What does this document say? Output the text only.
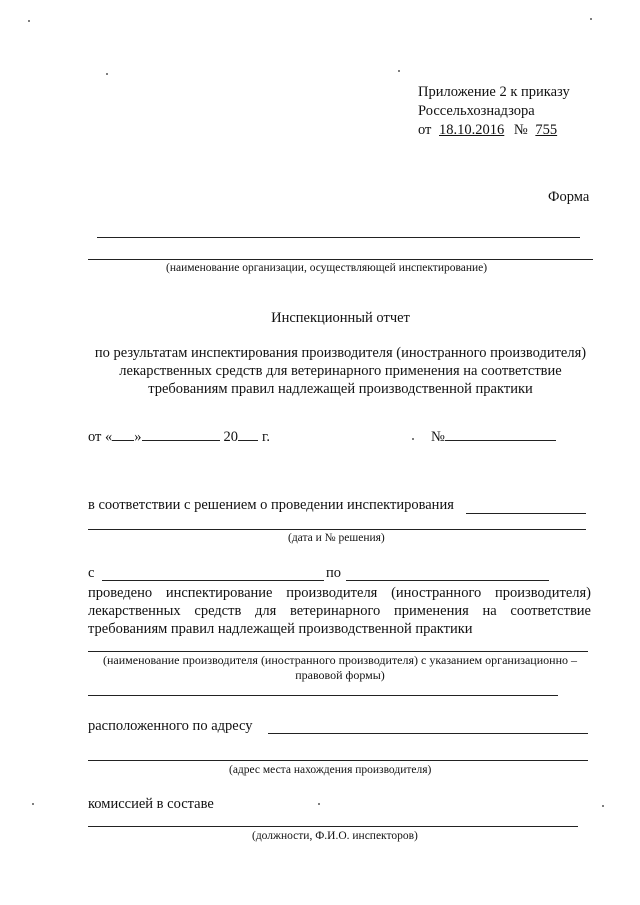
Приложение 2 к приказу
Россельхознадзора
от 18.10.2016 № 755
Форма
(наименование организации, осуществляющей инспектирование)
Инспекционный отчет
по результатам инспектирования производителя (иностранного производителя) лекарственных средств для ветеринарного применения на соответствие требованиям правил надлежащей производственной практики
от « »	20 г.	№
в соответствии с решением о проведении инспектирования
(дата и № решения)
с	по
проведено инспектирование производителя (иностранного производителя) лекарственных средств для ветеринарного применения на соответствие требованиям правил надлежащей производственной практики
(наименование производителя (иностранного производителя) с указанием организационно – правовой формы)
расположенного по адресу
(адрес места нахождения производителя)
комиссией в составе
(должности, Ф.И.О. инспекторов)
